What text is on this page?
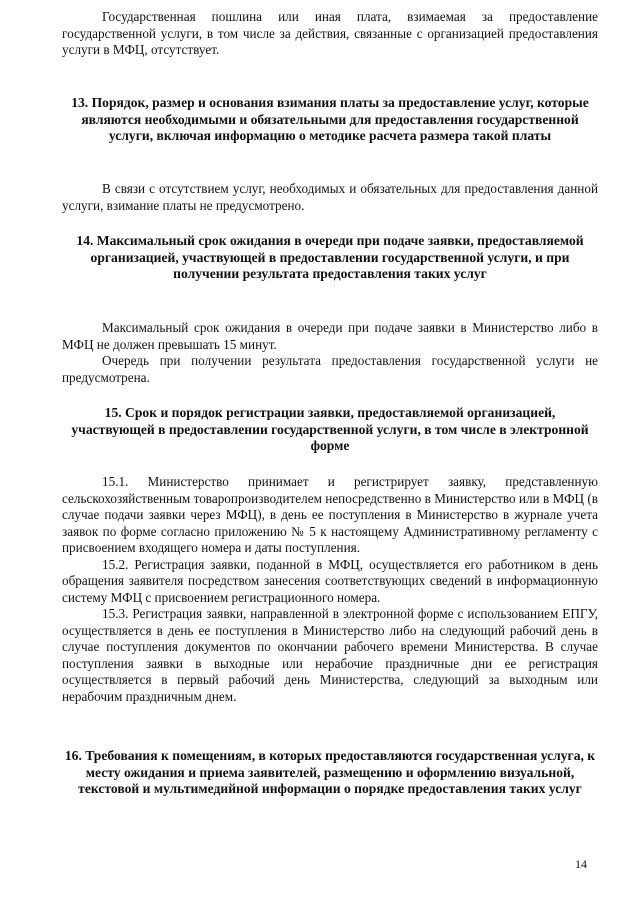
Государственная пошлина или иная плата, взимаемая за предоставление государственной услуги, в том числе за действия, связанные с организацией предоставления услуги в МФЦ, отсутствует.

13. Порядок, размер и основания взимания платы за предоставление услуг, которые являются необходимыми и обязательными для предоставления государственной услуги, включая информацию о методике расчета размера такой платы

В связи с отсутствием услуг, необходимых и обязательных для предоставления данной услуги, взимание платы не предусмотрено.

14. Максимальный срок ожидания в очереди при подаче заявки, предоставляемой организацией, участвующей в предоставлении государственной услуги, и при получении результата предоставления таких услуг

Максимальный срок ожидания в очереди при подаче заявки в Министерство либо в МФЦ не должен превышать 15 минут.

Очередь при получении результата предоставления государственной услуги не предусмотрена.

15. Срок и порядок регистрации заявки, предоставляемой организацией, участвующей в предоставлении государственной услуги, в том числе в электронной форме

15.1. Министерство принимает и регистрирует заявку, представленную сельскохозяйственным товаропроизводителем непосредственно в Министерство или в МФЦ (в случае подачи заявки через МФЦ), в день ее поступления в Министерство в журнале учета заявок по форме согласно приложению № 5 к настоящему Административному регламенту с присвоением входящего номера и даты поступления.

15.2. Регистрация заявки, поданной в МФЦ, осуществляется его работником в день обращения заявителя посредством занесения соответствующих сведений в информационную систему МФЦ с присвоением регистрационного номера.

15.3. Регистрация заявки, направленной в электронной форме с использованием ЕПГУ, осуществляется в день ее поступления в Министерство либо на следующий рабочий день в случае поступления документов по окончании рабочего времени Министерства. В случае поступления заявки в выходные или нерабочие праздничные дни ее регистрация осуществляется в первый рабочий день Министерства, следующий за выходным или нерабочим праздничным днем.

16. Требования к помещениям, в которых предоставляются государственная услуга, к месту ожидания и приема заявителей, размещению и оформлению визуальной, текстовой и мультимедийной информации о порядке предоставления таких услуг
14
